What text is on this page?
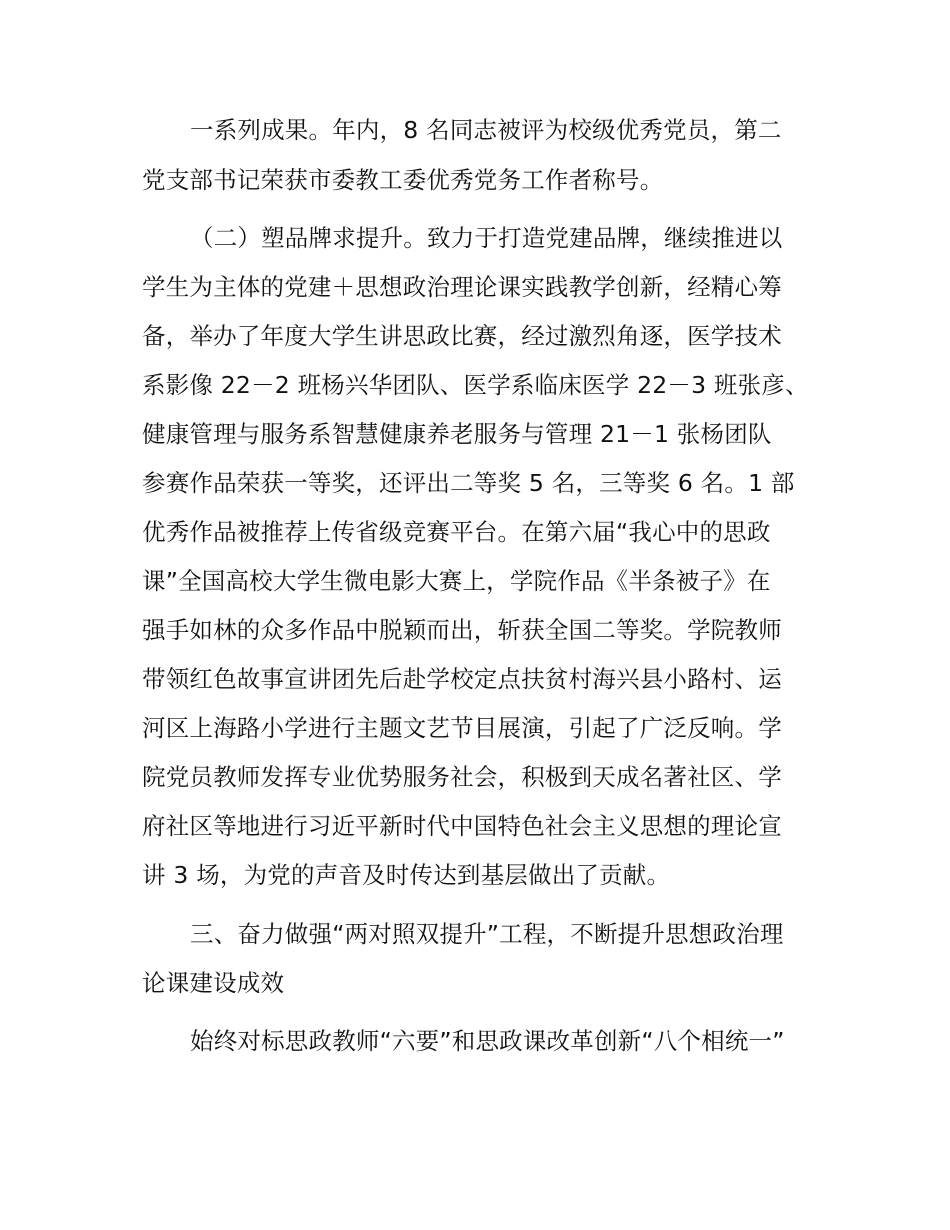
一系列成果。年内，8 名同志被评为校级优秀党员，第二
党支部书记荣获市委教工委优秀党务工作者称号。
（二）塑品牌求提升。致力于打造党建品牌，继续推进以
学生为主体的党建＋思想政治理论课实践教学创新，经精心筹
备，举办了年度大学生讲思政比赛，经过激烈角逐，医学技术
系影像 22－2 班杨兴华团队、医学系临床医学 22－3 班张彦、
健康管理与服务系智慧健康养老服务与管理 21－1 张杨团队
参赛作品荣获一等奖，还评出二等奖 5 名，三等奖 6 名。1 部
优秀作品被推荐上传省级竞赛平台。在第六届“我心中的思政
课”全国高校大学生微电影大赛上，学院作品《半条被子》在
强手如林的众多作品中脱颖而出，斩获全国二等奖。学院教师
带领红色故事宣讲团先后赴学校定点扶贫村海兴县小路村、运
河区上海路小学进行主题文艺节目展演，引起了广泛反响。学
院党员教师发挥专业优势服务社会，积极到天成名著社区、学
府社区等地进行习近平新时代中国特色社会主义思想的理论宣
讲 3 场，为党的声音及时传达到基层做出了贡献。
三、奋力做强“两对照双提升”工程，不断提升思想政治理
论课建设成效
始终对标思政教师“六要”和思政课改革创新“八个相统一”
